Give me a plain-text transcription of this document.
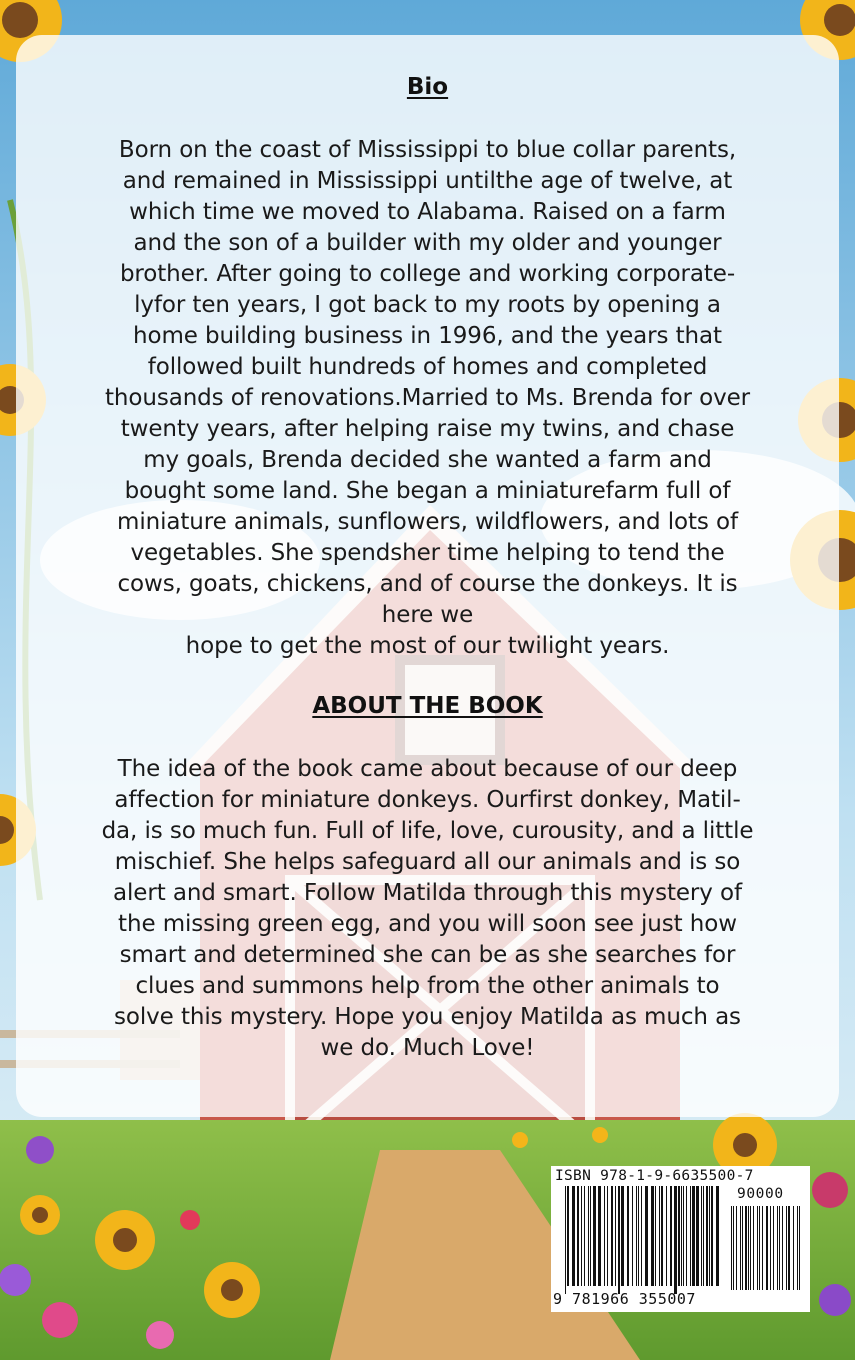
Bio
Born on the coast of Mississippi to blue collar parents,
and remained in Mississippi untilthe age of twelve, at
which time we moved to Alabama. Raised on a farm
and the son of a builder with my older and younger
brother. After going to college and working corporate-
lyfor ten years, I got back to my roots by opening a
home building business in 1996, and the years that
followed built hundreds of homes and completed
thousands of renovations.Married to Ms. Brenda for over
twenty years, after helping raise my twins, and chase
my goals, Brenda decided she wanted a farm and
bought some land. She began a miniaturefarm full of
miniature animals, sunflowers, wildflowers, and lots of
vegetables. She spendsher time helping to tend the
cows, goats, chickens, and of course the donkeys. It is
here we
hope to get the most of our twilight years.
ABOUT THE BOOK
The idea of the book came about because of our deep
affection for miniature donkeys. Ourfirst donkey, Matil-
da, is so much fun. Full of life, love, curousity, and a little
mischief. She helps safeguard all our animals and is so
alert and smart. Follow Matilda through this mystery of
the missing green egg, and you will soon see just how
smart and determined she can be as she searches for
clues and summons help from the other animals to
solve this mystery. Hope you enjoy Matilda as much as
we do. Much Love!
ISBN 978-1-9-6635500-7
90000
9 781966 355007
